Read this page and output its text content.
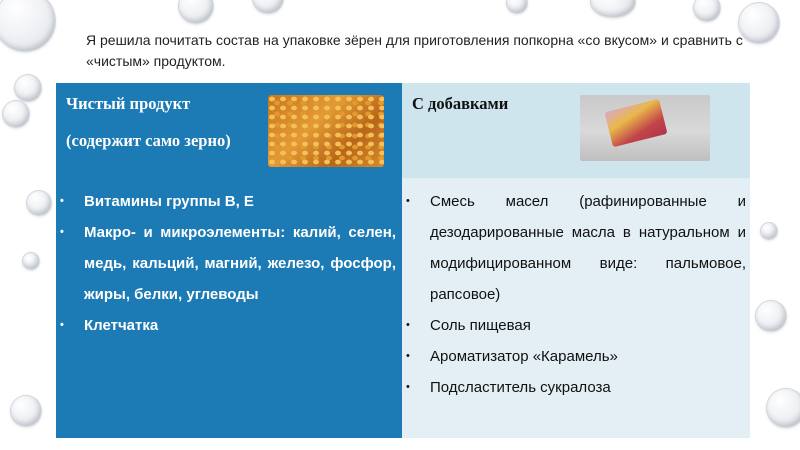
Я решила почитать состав на упаковке зёрен для приготовления попкорна «со вкусом» и сравнить с «чистым» продуктом.
Чистый продукт
(содержит само зерно)
С добавками
• Витамины группы В, Е
• Макро- и микроэлементы: калий, селен, медь, кальций, магний, железо, фосфор, жиры, белки, углеводы
• Клетчатка
• Смесь масел (рафинированные и дезодарированные масла в натуральном и модифицированном виде: пальмовое, рапсовое)
• Соль пищевая
• Ароматизатор «Карамель»
• Подсластитель сукралоза
